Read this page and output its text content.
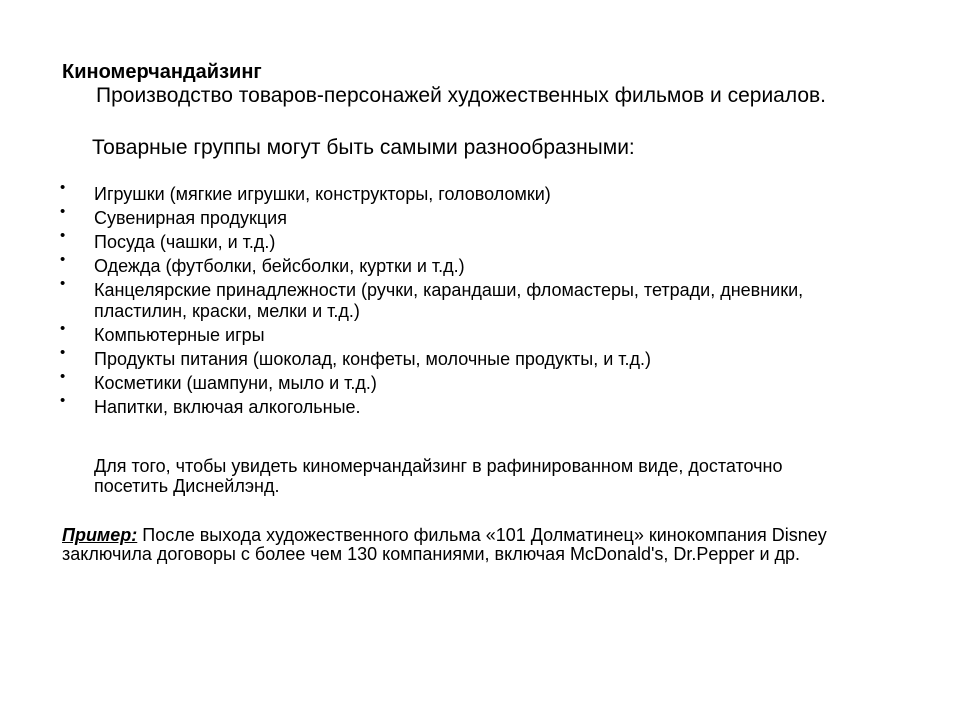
Киномерчандайзинг
Производство товаров-персонажей художественных фильмов и сериалов.
Товарные группы могут быть самыми разнообразными:
• Игрушки (мягкие игрушки, конструкторы, головоломки)
• Сувенирная продукция
• Посуда (чашки, и т.д.)
• Одежда (футболки, бейсболки, куртки и т.д.)
• Канцелярские принадлежности (ручки, карандаши, фломастеры, тетради, дневники, пластилин, краски, мелки и т.д.)
• Компьютерные игры
• Продукты питания (шоколад, конфеты, молочные продукты, и т.д.)
• Косметики (шампуни, мыло и т.д.)
• Напитки, включая алкогольные.
Для того, чтобы увидеть киномерчандайзинг в рафинированном виде, достаточно посетить Диснейлэнд.
Пример: После выхода художественного фильма «101 Долматинец» кинокомпания Disney заключила договоры с более чем 130 компаниями, включая McDonald's, Dr.Pepper и др.
